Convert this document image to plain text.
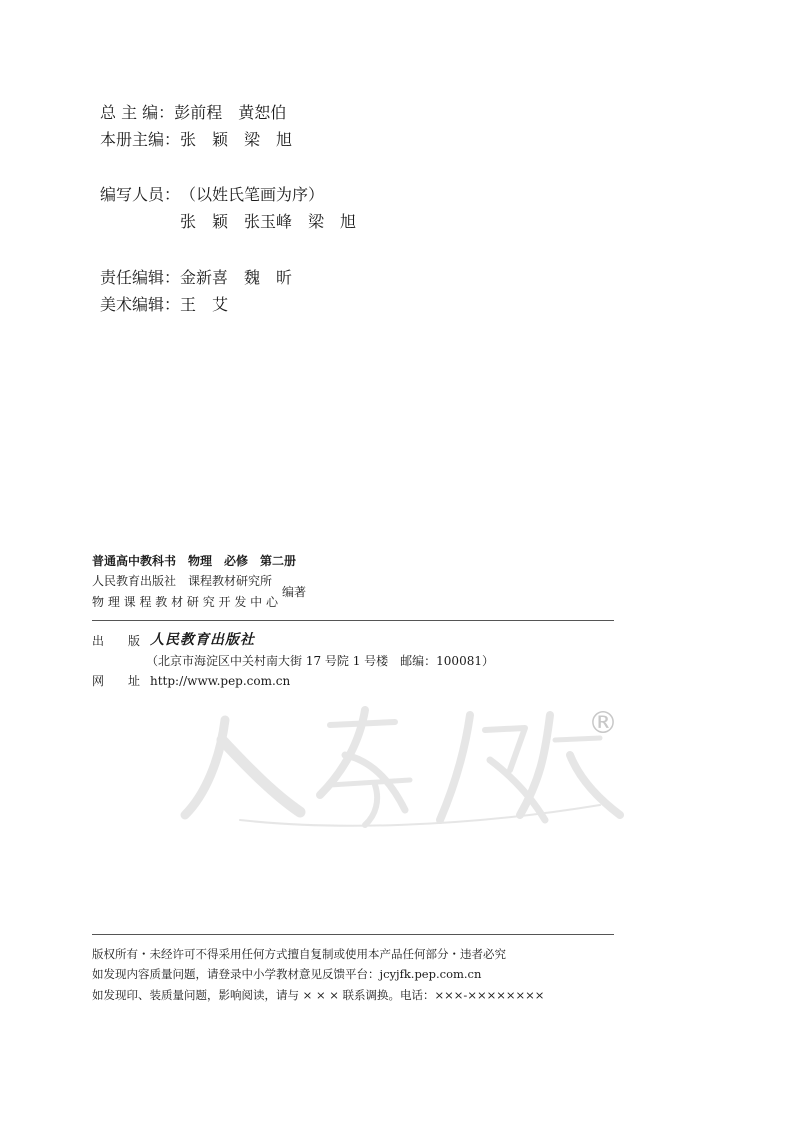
总 主 编：彭前程　黄恕伯
本册主编：张　颖　梁　旭
编写人员：（以姓氏笔画为序）
张　颖　张玉峰　梁　旭
责任编辑：金新喜　魏　昕
美术编辑：王　艾
普通高中教科书　物理　必修　第二册
人民教育出版社　课程教材研究所
物 理 课 程 教 材 研 究 开 发 中 心
编著
出　　版 人民教育出版社
（北京市海淀区中关村南大街 17 号院 1 号楼　邮编：100081）
网　　址 http://www.pep.com.cn
®
版权所有・未经许可不得采用任何方式擅自复制或使用本产品任何部分・违者必究
如发现内容质量问题，请登录中小学教材意见反馈平台：jcyjfk.pep.com.cn
如发现印、装质量问题，影响阅读，请与 × × × 联系调换。电话：×××-××××××××
